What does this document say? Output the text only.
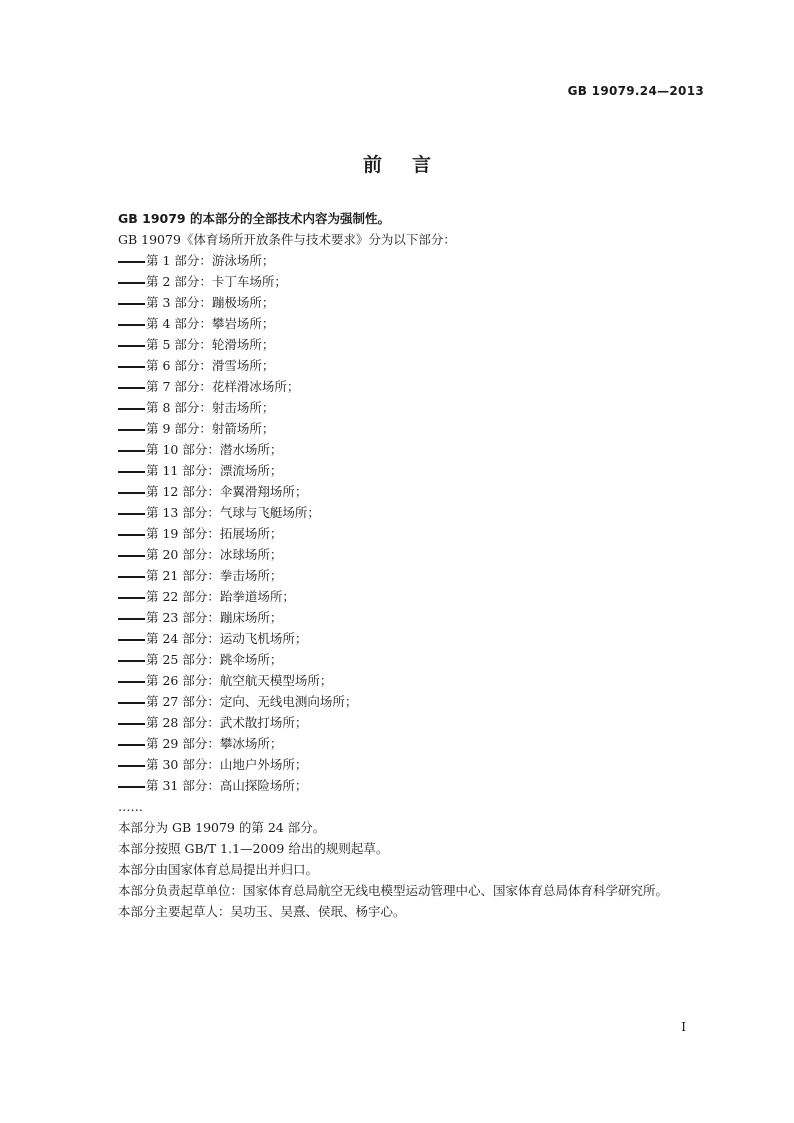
GB 19079.24—2013
前言
GB 19079 的本部分的全部技术内容为强制性。
GB 19079《体育场所开放条件与技术要求》分为以下部分：
第 1 部分：游泳场所；
第 2 部分：卡丁车场所；
第 3 部分：蹦极场所；
第 4 部分：攀岩场所；
第 5 部分：轮滑场所；
第 6 部分：滑雪场所；
第 7 部分：花样滑冰场所；
第 8 部分：射击场所；
第 9 部分：射箭场所；
第 10 部分：潜水场所；
第 11 部分：漂流场所；
第 12 部分：伞翼滑翔场所；
第 13 部分：气球与飞艇场所；
第 19 部分：拓展场所；
第 20 部分：冰球场所；
第 21 部分：拳击场所；
第 22 部分：跆拳道场所；
第 23 部分：蹦床场所；
第 24 部分：运动飞机场所；
第 25 部分：跳伞场所；
第 26 部分：航空航天模型场所；
第 27 部分：定向、无线电测向场所；
第 28 部分：武术散打场所；
第 29 部分：攀冰场所；
第 30 部分：山地户外场所；
第 31 部分：高山探险场所；
……
本部分为 GB 19079 的第 24 部分。
本部分按照 GB/T 1.1—2009 给出的规则起草。
本部分由国家体育总局提出并归口。
本部分负责起草单位：国家体育总局航空无线电模型运动管理中心、国家体育总局体育科学研究所。
本部分主要起草人：吴功玉、吴熹、侯珉、杨宇心。
I
